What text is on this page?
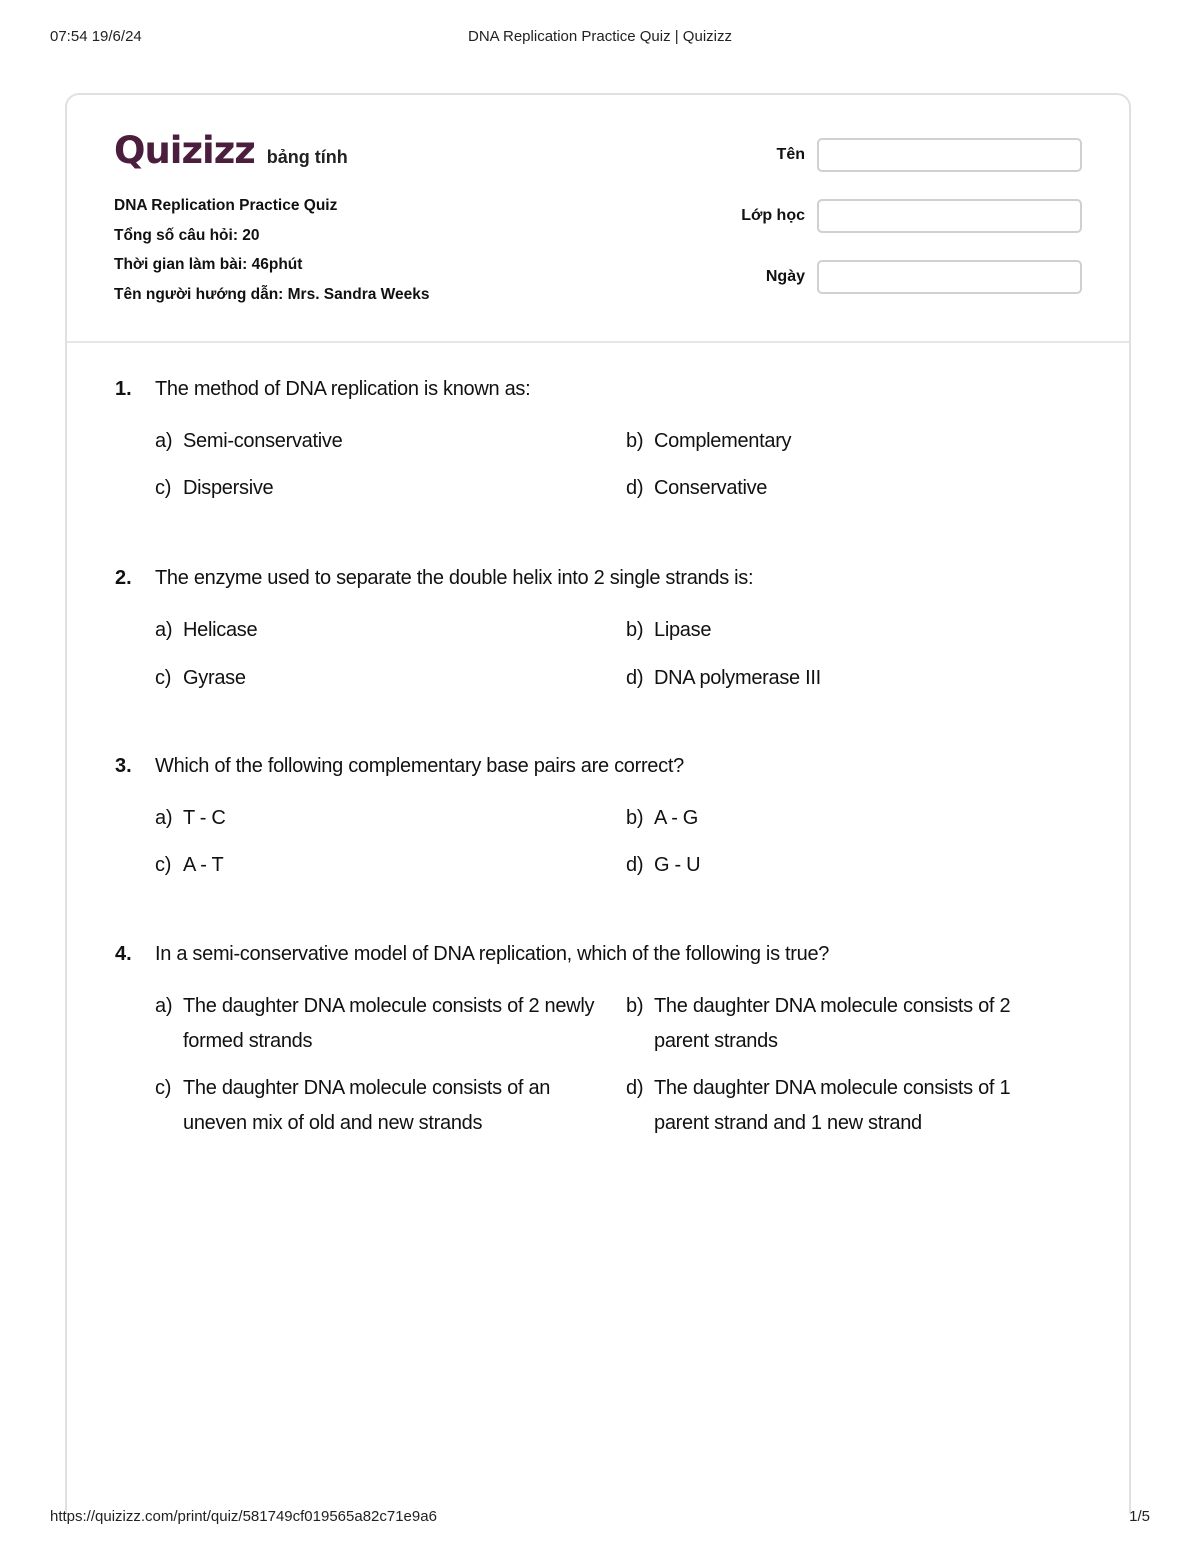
07:54 19/6/24	DNA Replication Practice Quiz | Quizizz
Quizizz bảng tính
DNA Replication Practice Quiz
Tổng số câu hỏi: 20
Thời gian làm bài: 46phút
Tên người hướng dẫn: Mrs. Sandra Weeks
Tên
Lớp học
Ngày
1.	The method of DNA replication is known as:
a) Semi-conservative	b) Complementary
c) Dispersive	d) Conservative
2.	The enzyme used to separate the double helix into 2 single strands is:
a) Helicase	b) Lipase
c) Gyrase	d) DNA polymerase III
3.	Which of the following complementary base pairs are correct?
a) T - C	b) A - G
c) A - T	d) G - U
4.	In a semi-conservative model of DNA replication, which of the following is true?
a) The daughter DNA molecule consists of 2 newly formed strands
b) The daughter DNA molecule consists of 2 parent strands
c) The daughter DNA molecule consists of an uneven mix of old and new strands
d) The daughter DNA molecule consists of 1 parent strand and 1 new strand
https://quizizz.com/print/quiz/581749cf019565a82c71e9a6	1/5
